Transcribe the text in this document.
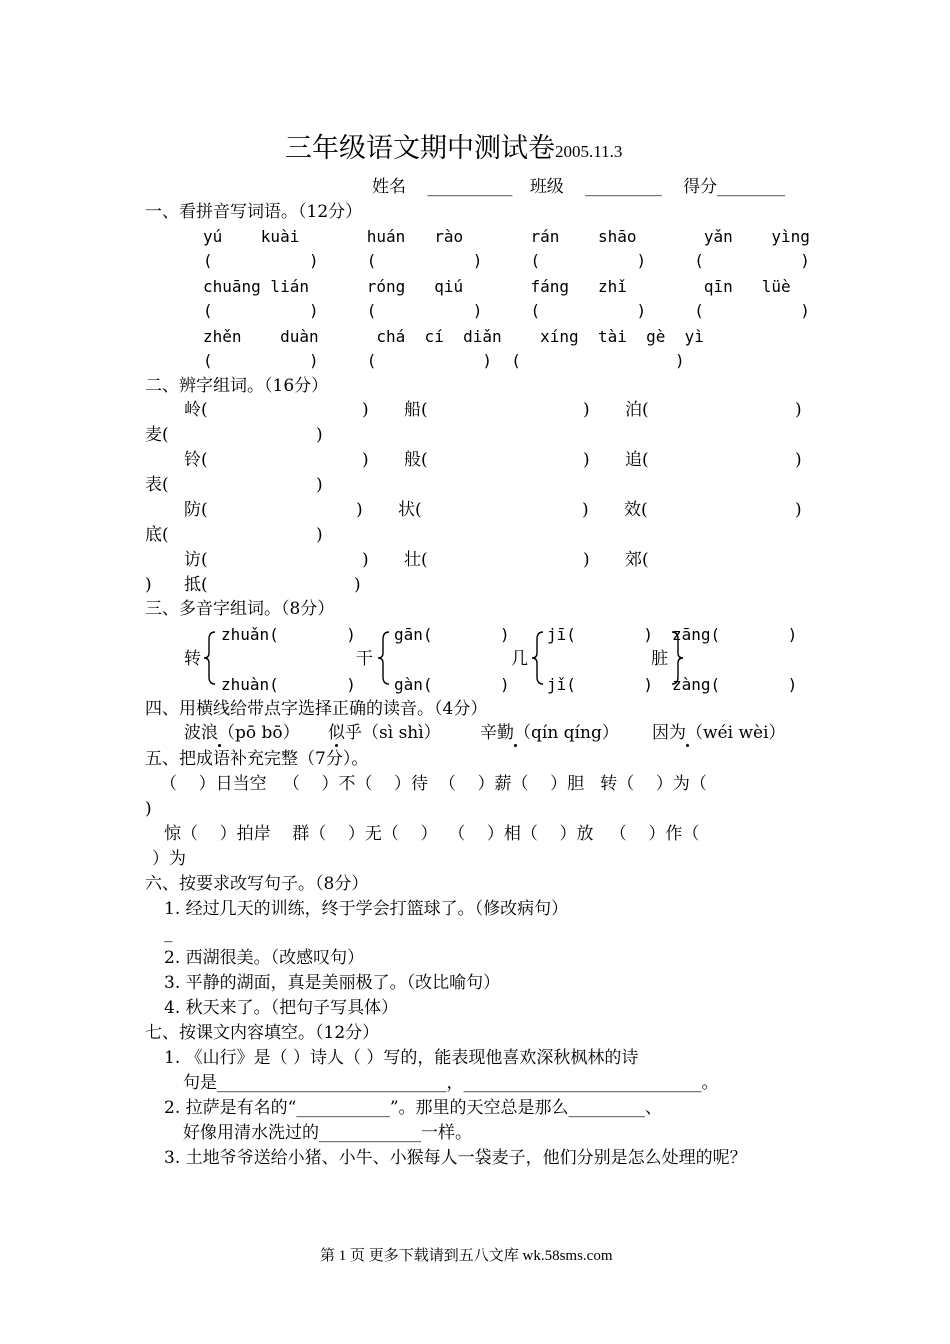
三年级语文期中测试卷2005.11.3
姓名 __________ 班级 _________ 得分________
一、看拼音写词语。（12分）
yú    kuài       huán   rào       rán    shāo       yǎn    yìng
(          )     (          )     (          )     (          )
chuāng lián      róng   qiú       fáng   zhǐ        qīn   lüè
(          )     (          )     (          )     (          )
zhěn    duàn      chá  cí  diǎn    xíng  tài  gè  yì
(          )     (           )  (                )
二、辨字组词。（16分）
岭(	) 船(	) 泊(	)
麦(	)
铃(	) 般(	) 追(	)
表(	)
防(	) 状(	) 效(	)
底(	)
访(	) 壮(	) 郊(
) 抵(	)
三、多音字组词。（8分）
转
zhuǎn(       )
zhuàn(       )
干
gān(       )
gàn(       )
几
jī(       )
jǐ(       )
脏
zāng(       )
zàng(       )
四、用横线给带点字选择正确的读音。（4分）
波浪（pō bō） 似乎（sì shì） 辛勤（qín qíng） 因为（wéi wèi）
五、把成语补充完整（7分）。
（    ）日当空   （    ）不（    ）待  （    ）薪（    ）胆   转（    ）为（
)
惊（    ）拍岸    群（    ）无（    ）  （    ）相（    ）放   （    ）作（
）为
六、按要求改写句子。（8分）
1. 经过几天的训练，终于学会打篮球了。（修改病句）
_
2. 西湖很美。（改感叹句）
3. 平静的湖面，真是美丽极了。（改比喻句）
4. 秋天来了。（把句子写具体）
七、按课文内容填空。（12分）
1. 《山行》是（ ）诗人（ ）写的，能表现他喜欢深秋枫林的诗
句是___________________________，____________________________。
2. 拉萨是有名的“___________”。那里的天空总是那么_________、
好像用清水洗过的____________一样。
3. 土地爷爷送给小猪、小牛、小猴每人一袋麦子，他们分别是怎么处理的呢？
第 1 页 更多下载请到五八文库 wk.58sms.com
